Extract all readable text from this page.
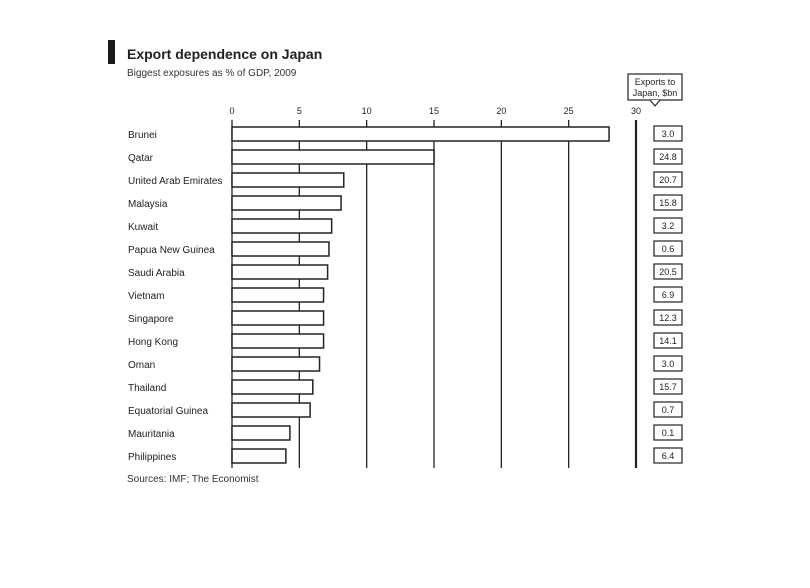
Export dependence on Japan
Biggest exposures as % of GDP, 2009
0	5	10	15	20	25	30
Brunei
Qatar
United Arab Emirates
Malaysia
Kuwait
Papua New Guinea
Saudi Arabia
Vietnam
Singapore
Hong Kong
Oman
Thailand
Equatorial Guinea
Mauritania
Philippines
Exports to
Japan, $bn
3.0
24.8
20.7
15.8
3.2
0.6
20.5
6.9
12.3
14.1
3.0
15.7
0.7
0.1
6.4
Sources: IMF; The Economist
